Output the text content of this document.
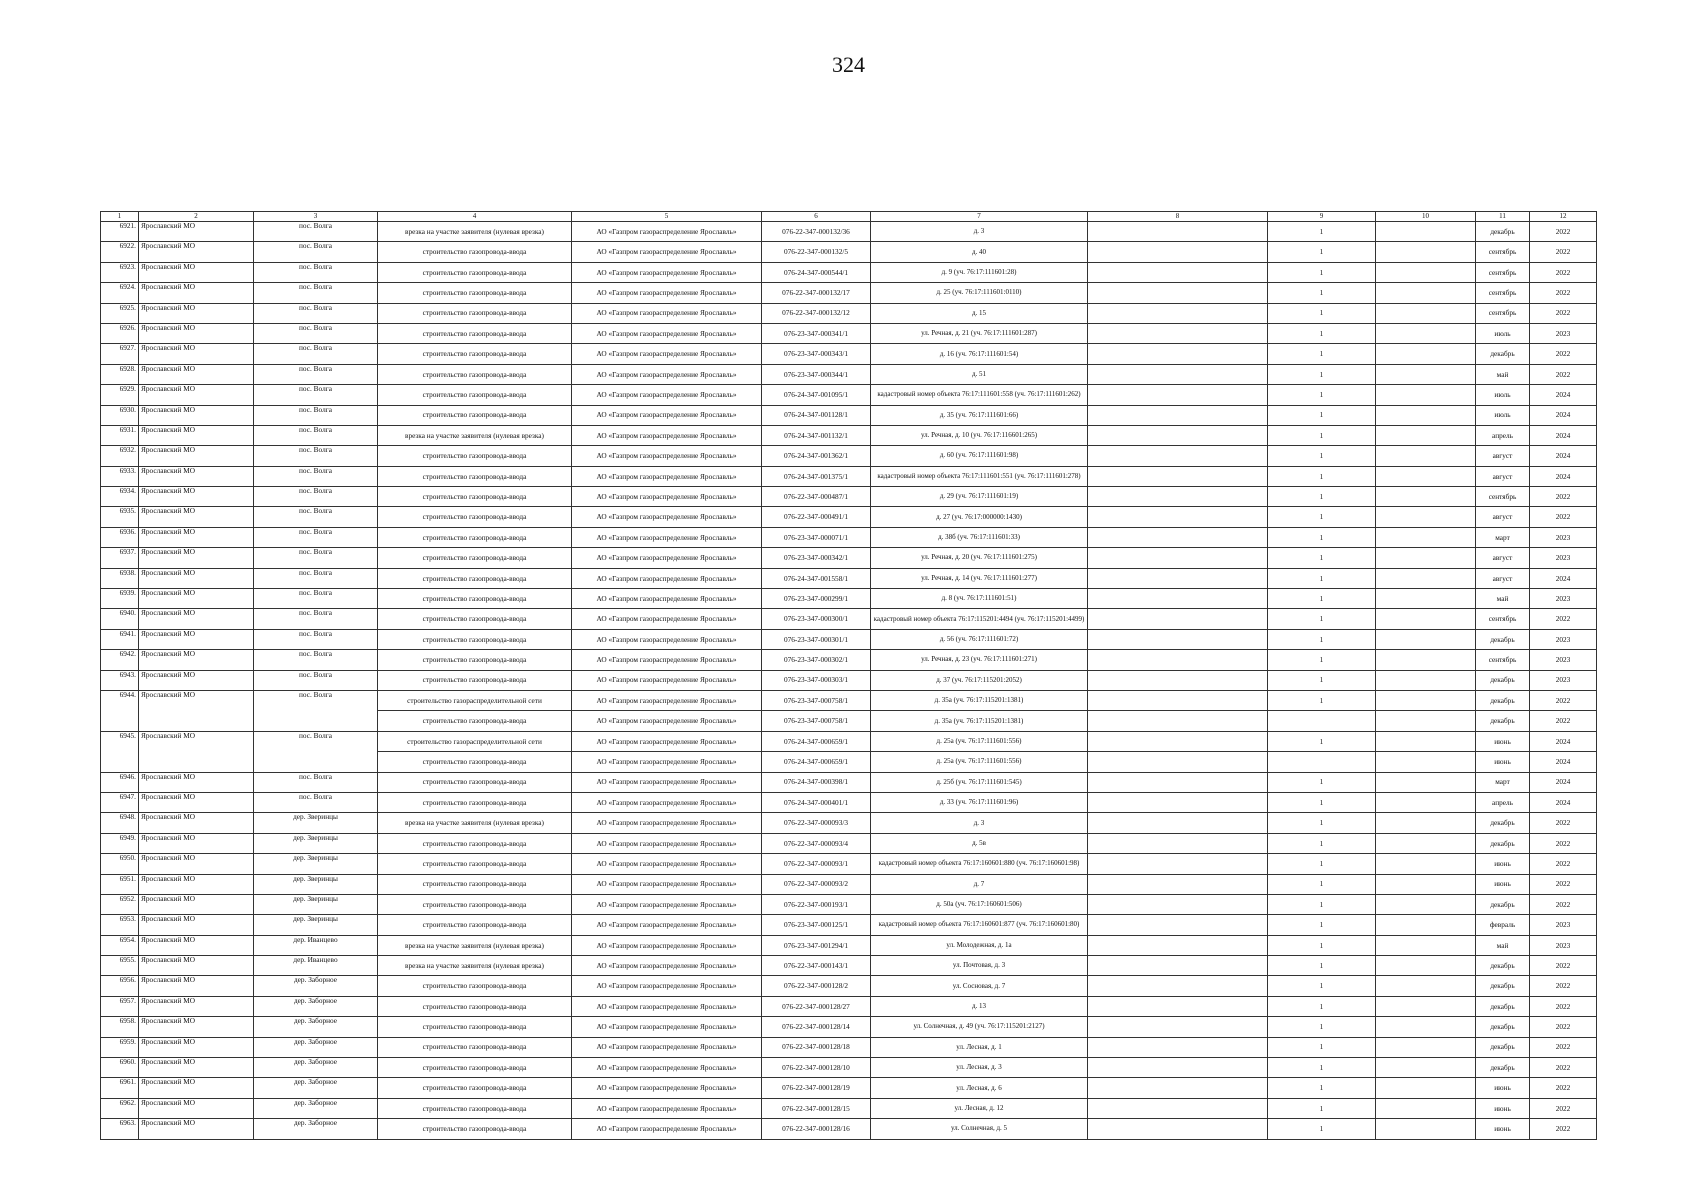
324
1	2	3	4	5	6	7	8	9	10	11	12
6921.	Ярославский МО	пос. Волга	врезка на участке заявителя (нулевая врезка)	АО «Газпром газораспределение Ярославль»	076-22-347-000132/36	д. 3		1		декабрь	2022
6922.	Ярославский МО	пос. Волга	строительство газопровода-ввода	АО «Газпром газораспределение Ярославль»	076-22-347-000132/5	д. 40		1		сентябрь	2022
6923.	Ярославский МО	пос. Волга	строительство газопровода-ввода	АО «Газпром газораспределение Ярославль»	076-24-347-000544/1	д. 9 (уч. 76:17:111601:28)		1		сентябрь	2022
6924.	Ярославский МО	пос. Волга	строительство газопровода-ввода	АО «Газпром газораспределение Ярославль»	076-22-347-000132/17	д. 25 (уч. 76:17:111601:0110)		1		сентябрь	2022
6925.	Ярославский МО	пос. Волга	строительство газопровода-ввода	АО «Газпром газораспределение Ярославль»	076-22-347-000132/12	д. 15		1		сентябрь	2022
6926.	Ярославский МО	пос. Волга	строительство газопровода-ввода	АО «Газпром газораспределение Ярославль»	076-23-347-000341/1	ул. Речная, д. 21 (уч. 76:17:111601:287)		1		июль	2023
6927.	Ярославский МО	пос. Волга	строительство газопровода-ввода	АО «Газпром газораспределение Ярославль»	076-23-347-000343/1	д. 16 (уч. 76:17:111601:54)		1		декабрь	2022
6928.	Ярославский МО	пос. Волга	строительство газопровода-ввода	АО «Газпром газораспределение Ярославль»	076-23-347-000344/1	д. 51		1		май	2022
6929.	Ярославский МО	пос. Волга	строительство газопровода-ввода	АО «Газпром газораспределение Ярославль»	076-24-347-001095/1	кадастровый номер объекта 76:17:111601:558 (уч. 76:17:111601:262)		1		июль	2024
6930.	Ярославский МО	пос. Волга	строительство газопровода-ввода	АО «Газпром газораспределение Ярославль»	076-24-347-001128/1	д. 35 (уч. 76:17:111601:66)		1		июль	2024
6931.	Ярославский МО	пос. Волга	врезка на участке заявителя (нулевая врезка)	АО «Газпром газораспределение Ярославль»	076-24-347-001132/1	ул. Речная, д. 10 (уч. 76:17:116601:265)		1		апрель	2024
6932.	Ярославский МО	пос. Волга	строительство газопровода-ввода	АО «Газпром газораспределение Ярославль»	076-24-347-001362/1	д. 60 (уч. 76:17:111601:98)		1		август	2024
6933.	Ярославский МО	пос. Волга	строительство газопровода-ввода	АО «Газпром газораспределение Ярославль»	076-24-347-001375/1	кадастровый номер объекта 76:17:111601:551 (уч. 76:17:111601:278)		1		август	2024
6934.	Ярославский МО	пос. Волга	строительство газопровода-ввода	АО «Газпром газораспределение Ярославль»	076-22-347-000487/1	д. 29 (уч. 76:17:111601:19)		1		сентябрь	2022
6935.	Ярославский МО	пос. Волга	строительство газопровода-ввода	АО «Газпром газораспределение Ярославль»	076-22-347-000491/1	д. 27 (уч. 76:17:000000:1430)		1		август	2022
6936.	Ярославский МО	пос. Волга	строительство газопровода-ввода	АО «Газпром газораспределение Ярославль»	076-23-347-000071/1	д. 38б (уч. 76:17:111601:33)		1		март	2023
6937.	Ярославский МО	пос. Волга	строительство газопровода-ввода	АО «Газпром газораспределение Ярославль»	076-23-347-000342/1	ул. Речная, д. 20 (уч. 76:17:111601:275)		1		август	2023
6938.	Ярославский МО	пос. Волга	строительство газопровода-ввода	АО «Газпром газораспределение Ярославль»	076-24-347-001558/1	ул. Речная, д. 14 (уч. 76:17:111601:277)		1		август	2024
6939.	Ярославский МО	пос. Волга	строительство газопровода-ввода	АО «Газпром газораспределение Ярославль»	076-23-347-000299/1	д. 8 (уч. 76:17:111601:51)		1		май	2023
6940.	Ярославский МО	пос. Волга	строительство газопровода-ввода	АО «Газпром газораспределение Ярославль»	076-23-347-000300/1	кадастровый номер объекта 76:17:115201:4494 (уч. 76:17:115201:4499)		1		сентябрь	2022
6941.	Ярославский МО	пос. Волга	строительство газопровода-ввода	АО «Газпром газораспределение Ярославль»	076-23-347-000301/1	д. 56 (уч. 76:17:111601:72)		1		декабрь	2023
6942.	Ярославский МО	пос. Волга	строительство газопровода-ввода	АО «Газпром газораспределение Ярославль»	076-23-347-000302/1	ул. Речная, д. 23 (уч. 76:17:111601:271)		1		сентябрь	2023
6943.	Ярославский МО	пос. Волга	строительство газопровода-ввода	АО «Газпром газораспределение Ярославль»	076-23-347-000303/1	д. 37 (уч. 76:17:115201:2052)		1		декабрь	2023
6944.	Ярославский МО	пос. Волга	строительство газораспределительной сети	АО «Газпром газораспределение Ярославль»	076-23-347-000758/1	д. 35а (уч. 76:17:115201:1381)		1		декабрь	2022
			строительство газопровода-ввода	АО «Газпром газораспределение Ярославль»	076-23-347-000758/1	д. 35а (уч. 76:17:115201:1381)				декабрь	2022
6945.	Ярославский МО	пос. Волга	строительство газораспределительной сети	АО «Газпром газораспределение Ярославль»	076-24-347-000659/1	д. 25а (уч. 76:17:111601:556)		1		июнь	2024
			строительство газопровода-ввода	АО «Газпром газораспределение Ярославль»	076-24-347-000659/1	д. 25а (уч. 76:17:111601:556)				июнь	2024
6946.	Ярославский МО	пос. Волга	строительство газопровода-ввода	АО «Газпром газораспределение Ярославль»	076-24-347-000398/1	д. 25б (уч. 76:17:111601:545)		1		март	2024
6947.	Ярославский МО	пос. Волга	строительство газопровода-ввода	АО «Газпром газораспределение Ярославль»	076-24-347-000401/1	д. 33 (уч. 76:17:111601:96)		1		апрель	2024
6948.	Ярославский МО	дер. Зверинцы	врезка на участке заявителя (нулевая врезка)	АО «Газпром газораспределение Ярославль»	076-22-347-000093/3	д. 3		1		декабрь	2022
6949.	Ярославский МО	дер. Зверинцы	строительство газопровода-ввода	АО «Газпром газораспределение Ярославль»	076-22-347-000093/4	д. 5в		1		декабрь	2022
6950.	Ярославский МО	дер. Зверинцы	строительство газопровода-ввода	АО «Газпром газораспределение Ярославль»	076-22-347-000093/1	кадастровый номер объекта 76:17:160601:880 (уч. 76:17:160601:98)		1		июнь	2022
6951.	Ярославский МО	дер. Зверинцы	строительство газопровода-ввода	АО «Газпром газораспределение Ярославль»	076-22-347-000093/2	д. 7		1		июнь	2022
6952.	Ярославский МО	дер. Зверинцы	строительство газопровода-ввода	АО «Газпром газораспределение Ярославль»	076-22-347-000193/1	д. 50а (уч. 76:17:160601:506)		1		декабрь	2022
6953.	Ярославский МО	дер. Зверинцы	строительство газопровода-ввода	АО «Газпром газораспределение Ярославль»	076-23-347-000125/1	кадастровый номер объекта 76:17:160601:877 (уч. 76:17:160601:80)		1		февраль	2023
6954.	Ярославский МО	дер. Иванцево	врезка на участке заявителя (нулевая врезка)	АО «Газпром газораспределение Ярославль»	076-23-347-001294/1	ул. Молодежная, д. 1а		1		май	2023
6955.	Ярославский МО	дер. Иванцево	врезка на участке заявителя (нулевая врезка)	АО «Газпром газораспределение Ярославль»	076-22-347-000143/1	ул. Почтовая, д. 3		1		декабрь	2022
6956.	Ярославский МО	дер. Заборное	строительство газопровода-ввода	АО «Газпром газораспределение Ярославль»	076-22-347-000128/2	ул. Сосновая, д. 7		1		декабрь	2022
6957.	Ярославский МО	дер. Заборное	строительство газопровода-ввода	АО «Газпром газораспределение Ярославль»	076-22-347-000128/27	д. 13		1		декабрь	2022
6958.	Ярославский МО	дер. Заборное	строительство газопровода-ввода	АО «Газпром газораспределение Ярославль»	076-22-347-000128/14	ул. Солнечная, д. 49 (уч. 76:17:115201:2127)		1		декабрь	2022
6959.	Ярославский МО	дер. Заборное	строительство газопровода-ввода	АО «Газпром газораспределение Ярославль»	076-22-347-000128/18	ул. Лесная, д. 1		1		декабрь	2022
6960.	Ярославский МО	дер. Заборное	строительство газопровода-ввода	АО «Газпром газораспределение Ярославль»	076-22-347-000128/10	ул. Лесная, д. 3		1		декабрь	2022
6961.	Ярославский МО	дер. Заборное	строительство газопровода-ввода	АО «Газпром газораспределение Ярославль»	076-22-347-000128/19	ул. Лесная, д. 6		1		июнь	2022
6962.	Ярославский МО	дер. Заборное	строительство газопровода-ввода	АО «Газпром газораспределение Ярославль»	076-22-347-000128/15	ул. Лесная, д. 12		1		июнь	2022
6963.	Ярославский МО	дер. Заборное	строительство газопровода-ввода	АО «Газпром газораспределение Ярославль»	076-22-347-000128/16	ул. Солнечная, д. 5		1		июнь	2022
